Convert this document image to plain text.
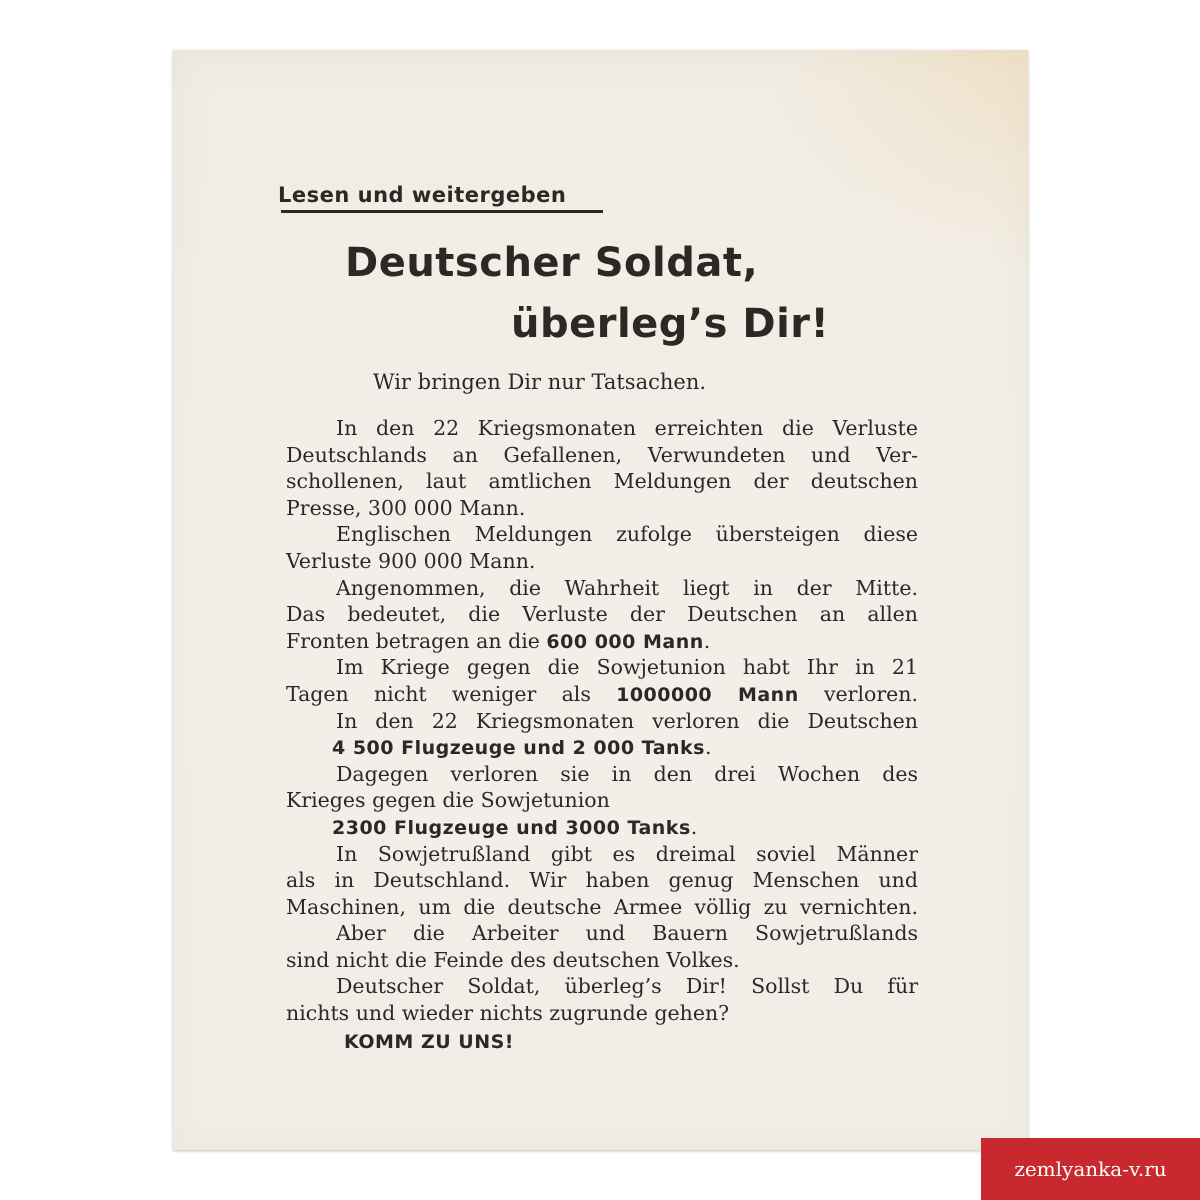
Lesen und weitergeben
Deutscher Soldat,
überleg’s Dir!
Wir bringen Dir nur Tatsachen.
In den 22 Kriegsmonaten erreichten die Verluste
Deutschlands an Gefallenen, Verwundeten und Ver-
schollenen, laut amtlichen Meldungen der deutschen
Presse, 300 000 Mann.
Englischen Meldungen zufolge übersteigen diese
Verluste 900 000 Mann.
Angenommen, die Wahrheit liegt in der Mitte.
Das bedeutet, die Verluste der Deutschen an allen
Fronten betragen an die 600 000 Mann.
Im Kriege gegen die Sowjetunion habt Ihr in 21
Tagen nicht weniger als 1000000 Mann verloren.
In den 22 Kriegsmonaten verloren die Deutschen
4 500 Flugzeuge und 2 000 Tanks.
Dagegen verloren sie in den drei Wochen des
Krieges gegen die Sowjetunion
2300 Flugzeuge und 3000 Tanks.
In Sowjetrußland gibt es dreimal soviel Männer
als in Deutschland. Wir haben genug Menschen und
Maschinen, um die deutsche Armee völlig zu vernichten.
Aber die Arbeiter und Bauern Sowjetrußlands
sind nicht die Feinde des deutschen Volkes.
Deutscher Soldat, überleg’s Dir! Sollst Du für
nichts und wieder nichts zugrunde gehen?
KOMM ZU UNS!
zemlyanka-v.ru
